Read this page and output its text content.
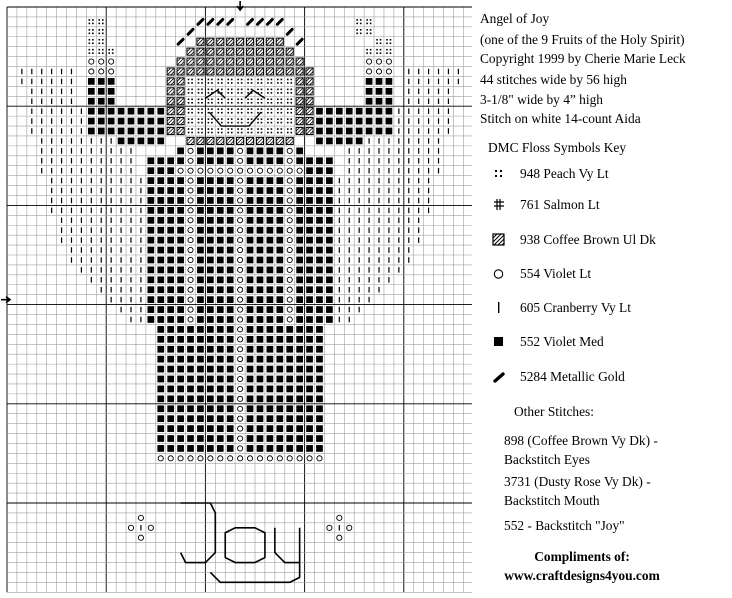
Angel of Joy
(one of the 9 Fruits of the Holy Spirit)
Copyright 1999 by Cherie Marie Leck
44 stitches wide by 56 high
3-1/8" wide by 4” high
Stitch on white 14-count Aida
DMC Floss Symbols Key
948 Peach Vy Lt
761 Salmon Lt
938 Coffee Brown Ul Dk
554 Violet Lt
605 Cranberry Vy Lt
552 Violet Med
5284 Metallic Gold
Other Stitches:
898 (Coffee Brown Vy Dk) -
Backstitch Eyes
3731 (Dusty Rose Vy Dk) -
Backstitch Mouth
552 - Backstitch "Joy"
Compliments of:
www.craftdesigns4you.com
